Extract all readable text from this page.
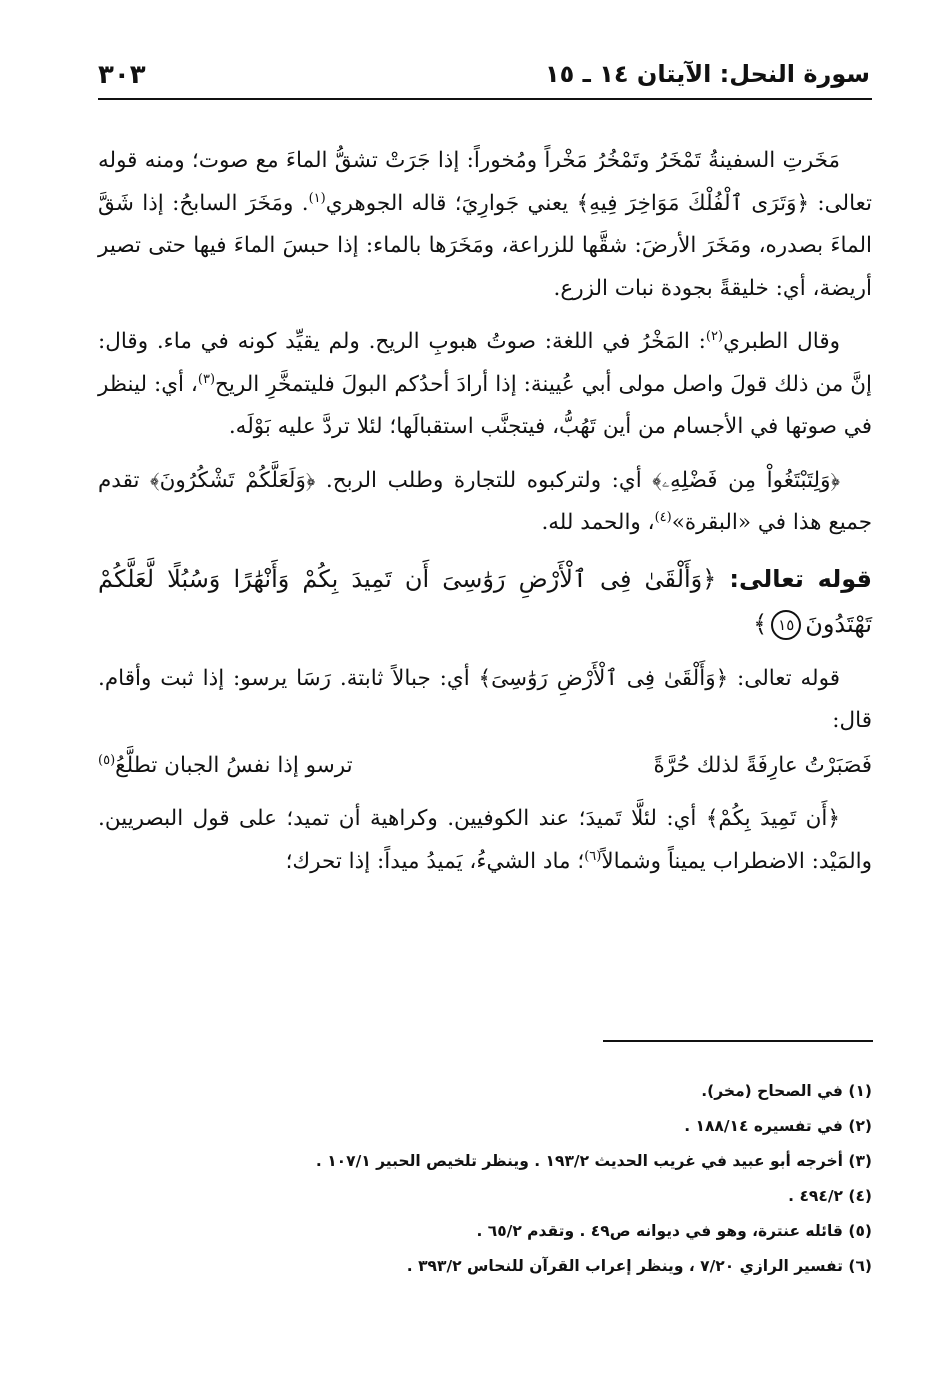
سورة النحل: الآيتان ١٤ ـ ١٥
٣٠٣

مَخَرتِ السفينةُ تَمْخَرُ وتَمْخُرُ مَخْراً ومُخوراً: إذا جَرَتْ تشقُّ الماءَ مع صوت؛ ومنه قوله تعالى: ﴿وَتَرَى ٱلْفُلْكَ مَوَاخِرَ فِيهِ﴾ يعني جَوارِيَ؛ قاله الجوهري$^{(١)}$. ومَخَرَ السابحُ: إذا شَقَّ الماءَ بصدره، ومَخَرَ الأرضَ: شقَّها للزراعة، ومَخَرَها بالماء: إذا حبسَ الماءَ فيها حتى تصير أريضة، أي: خليقةً بجودة نبات الزرع.

وقال الطبري$^{(٢)}$: المَخْرُ في اللغة: صوتُ هبوبِ الريح. ولم يقيِّد كونه في ماء. وقال: إنَّ من ذلك قولَ واصل مولى أبي عُيينة: إذا أرادَ أحدُكم البولَ فليتمخَّرِ الريح$^{(٣)}$، أي: لينظر في صوتها في الأجسام من أين تَهُبُّ، فيتجنَّب استقبالَها؛ لئلا تردَّ عليه بَوْلَه.

﴿وَلِتَبْتَغُواْ مِن فَضْلِهِۦ﴾ أي: ولتركبوه للتجارة وطلب الربح. ﴿وَلَعَلَّكُمْ تَشْكُرُونَ﴾ تقدم جميع هذا في «البقرة»$^{(٤)}$، والحمد لله.

قوله تعالى: ﴿وَأَلْقَىٰ فِى ٱلْأَرْضِ رَوَٰسِىَ أَن تَمِيدَ بِكُمْ وَأَنْهَٰرًا وَسُبُلًا لَّعَلَّكُمْ تَهْتَدُونَ١٥﴾

قوله تعالى: ﴿وَأَلْقَىٰ فِى ٱلْأَرْضِ رَوَٰسِىَ﴾ أي: جبالاً ثابتة. رَسَا يرسو: إذا ثبت وأقام. قال:

فَصَبَرْتُ عارِفَةً لذلك حُرَّةً
ترسو إذا نفسُ الجبان تطلَّعُ$^{(٥)}$

﴿أَن تَمِيدَ بِكُمْ﴾ أي: لئلَّا تَميدَ؛ عند الكوفيين. وكراهية أن تميد؛ على قول البصريين. والمَيْد: الاضطراب يميناً وشمالاً$^{(٦)}$؛ ماد الشيءُ، يَميدُ ميداً: إذا تحرك؛

(١) في الصحاح (مخر).
(٢) في تفسيره ١٨٨/١٤ .
(٣) أخرجه أبو عبيد في غريب الحديث ١٩٣/٢ . وينظر تلخيص الحبير ١٠٧/١ .
(٤) ٤٩٤/٢ .
(٥) قائله عنترة، وهو في ديوانه ص٤٩ . وتقدم ٦٥/٢ .
(٦) تفسير الرازي ٧/٢٠ ، وينظر إعراب القرآن للنحاس ٣٩٣/٢ .
